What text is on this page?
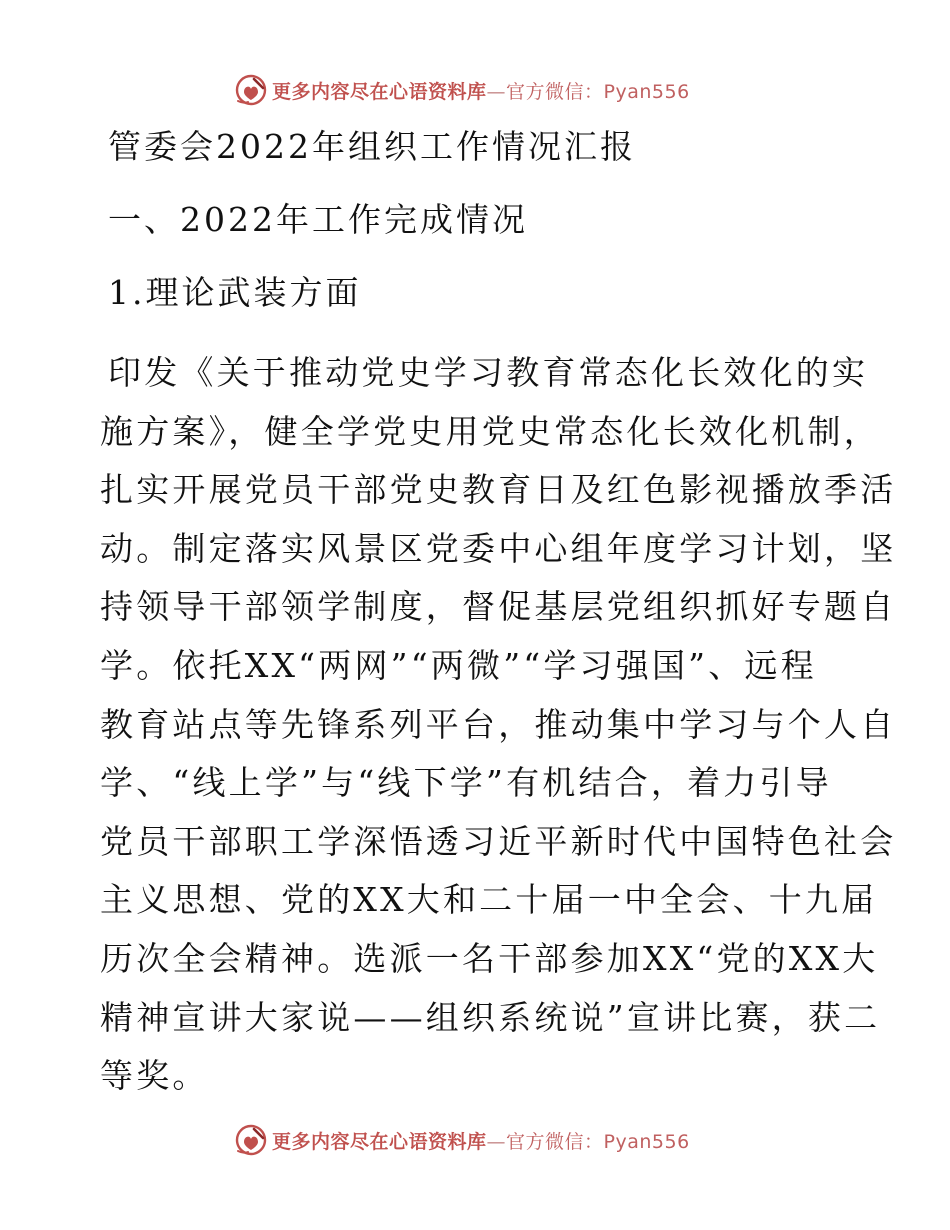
更多内容尽在心语资料库—官方微信：Pyan556
管委会2022年组织工作情况汇报
一、2022年工作完成情况
1.理论武装方面
印发《关于推动党史学习教育常态化长效化的实
施方案》，健全学党史用党史常态化长效化机制，
扎实开展党员干部党史教育日及红色影视播放季活
动。制定落实风景区党委中心组年度学习计划，坚
持领导干部领学制度，督促基层党组织抓好专题自
学。依托XX“两网”“两微”“学习强国”、远程
教育站点等先锋系列平台，推动集中学习与个人自
学、“线上学”与“线下学”有机结合，着力引导
党员干部职工学深悟透习近平新时代中国特色社会
主义思想、党的XX大和二十届一中全会、十九届
历次全会精神。选派一名干部参加XX“党的XX大
精神宣讲大家说——组织系统说”宣讲比赛，获二
等奖。
更多内容尽在心语资料库—官方微信：Pyan556
